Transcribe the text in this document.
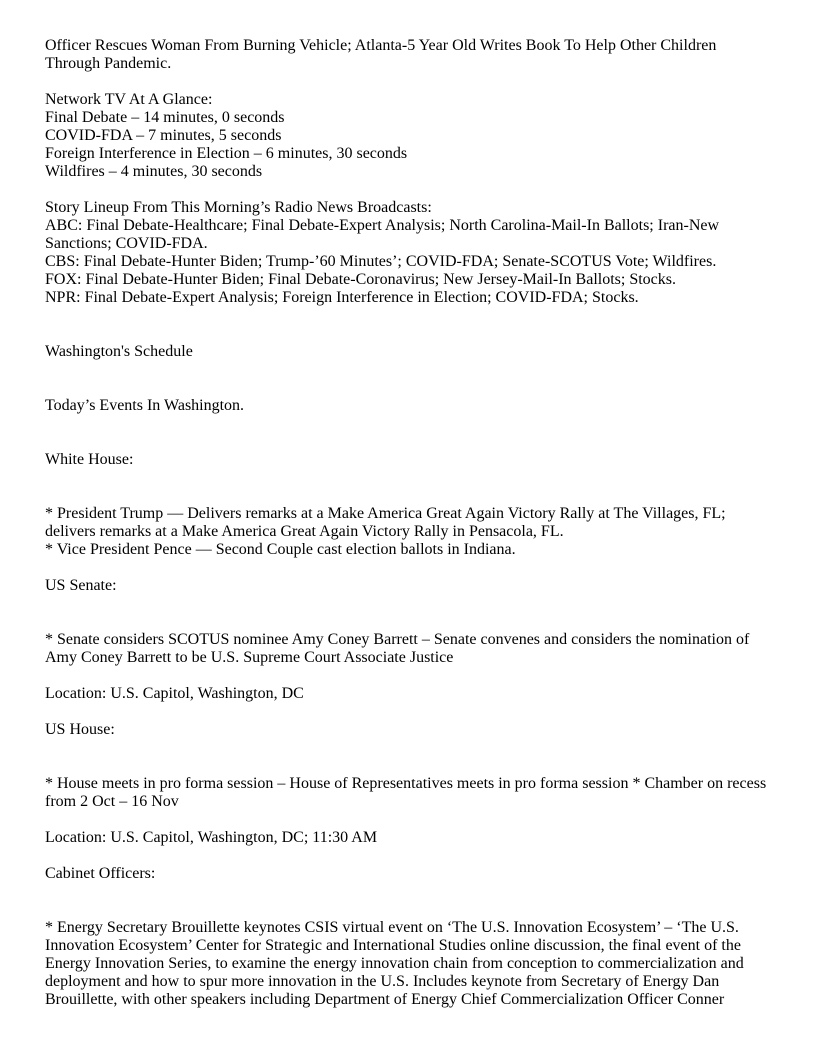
Officer Rescues Woman From Burning Vehicle; Atlanta-5 Year Old Writes Book To Help Other Children Through Pandemic.

Network TV At A Glance:
Final Debate – 14 minutes, 0 seconds
COVID-FDA – 7 minutes, 5 seconds
Foreign Interference in Election – 6 minutes, 30 seconds
Wildfires – 4 minutes, 30 seconds
Story Lineup From This Morning’s Radio News Broadcasts:
ABC: Final Debate-Healthcare; Final Debate-Expert Analysis; North Carolina-Mail-In Ballots; Iran-New Sanctions; COVID-FDA.
CBS: Final Debate-Hunter Biden; Trump-’60 Minutes’; COVID-FDA; Senate-SCOTUS Vote; Wildfires.
FOX: Final Debate-Hunter Biden; Final Debate-Coronavirus; New Jersey-Mail-In Ballots; Stocks.
NPR: Final Debate-Expert Analysis; Foreign Interference in Election; COVID-FDA; Stocks.

Washington's Schedule

Today’s Events In Washington.

White House:

* President Trump — Delivers remarks at a Make America Great Again Victory Rally at The Villages, FL; delivers remarks at a Make America Great Again Victory Rally in Pensacola, FL.
* Vice President Pence — Second Couple cast election ballots in Indiana.

US Senate:

* Senate considers SCOTUS nominee Amy Coney Barrett – Senate convenes and considers the nomination of Amy Coney Barrett to be U.S. Supreme Court Associate Justice

Location: U.S. Capitol, Washington, DC

US House:

* House meets in pro forma session – House of Representatives meets in pro forma session * Chamber on recess from 2 Oct – 16 Nov

Location: U.S. Capitol, Washington, DC; 11:30 AM

Cabinet Officers:

* Energy Secretary Brouillette keynotes CSIS virtual event on ‘The U.S. Innovation Ecosystem’ – ‘The U.S. Innovation Ecosystem’ Center for Strategic and International Studies online discussion, the final event of the Energy Innovation Series, to examine the energy innovation chain from conception to commercialization and deployment and how to spur more innovation in the U.S. Includes keynote from Secretary of Energy Dan Brouillette, with other speakers including Department of Energy Chief Commercialization Officer Conner
